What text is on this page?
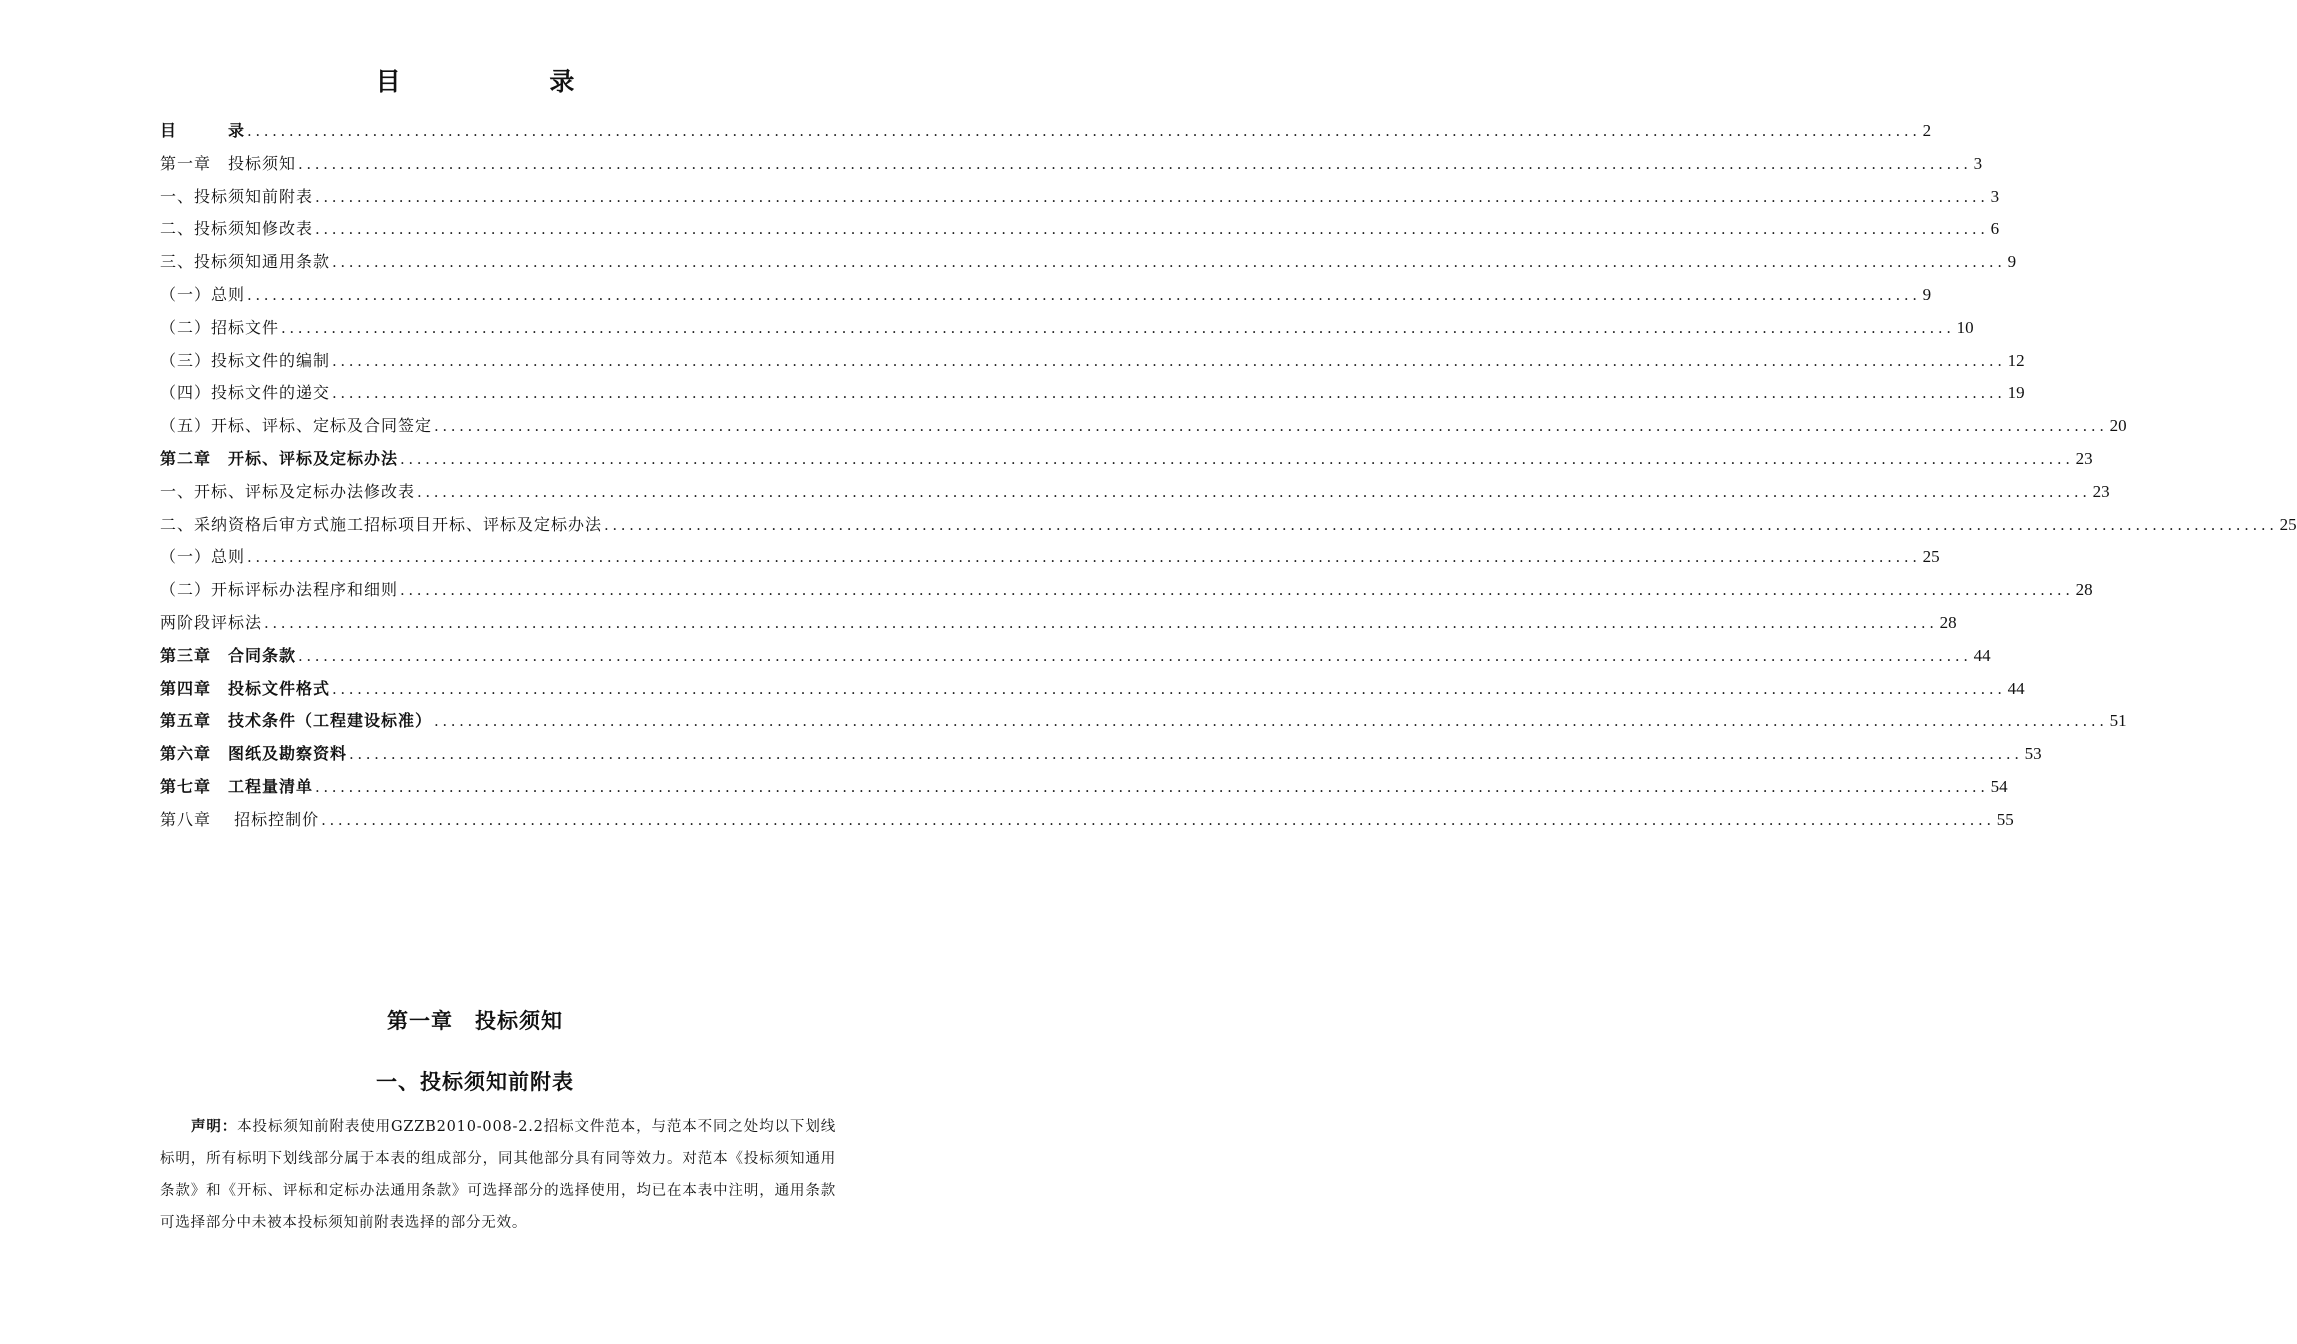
目 录
目　　　录 ........................................................................................................................................................................................................ 2
第一章　投标须知 ........................................................................................................................................................................................................ 3
一、投标须知前附表 ........................................................................................................................................................................................................ 3
二、投标须知修改表 ........................................................................................................................................................................................................ 6
三、投标须知通用条款 ........................................................................................................................................................................................................ 9
（一）总则 ........................................................................................................................................................................................................ 9
（二）招标文件 ........................................................................................................................................................................................................ 10
（三）投标文件的编制 ........................................................................................................................................................................................................ 12
（四）投标文件的递交 ........................................................................................................................................................................................................ 19
（五）开标、评标、定标及合同签定 ........................................................................................................................................................................................................ 20
第二章　开标、评标及定标办法 ........................................................................................................................................................................................................ 23
一、开标、评标及定标办法修改表 ........................................................................................................................................................................................................ 23
二、采纳资格后审方式施工招标项目开标、评标及定标办法 ........................................................................................................................................................................................................ 25
（一）总则 ........................................................................................................................................................................................................ 25
（二）开标评标办法程序和细则 ........................................................................................................................................................................................................ 28
两阶段评标法 ........................................................................................................................................................................................................ 28
第三章　合同条款 ........................................................................................................................................................................................................ 44
第四章　投标文件格式 ........................................................................................................................................................................................................ 44
第五章　技术条件（工程建设标准） ........................................................................................................................................................................................................ 51
第六章　图纸及勘察资料 ........................................................................................................................................................................................................ 53
第七章　工程量清单 ........................................................................................................................................................................................................ 54
第八章　 招标控制价 ........................................................................................................................................................................................................ 55
第一章　投标须知
一、投标须知前附表

声明：本投标须知前附表使用GZZB2010-008-2.2招标文件范本，与范本不同之处均以下划线标明，所有标明下划线部分属于本表的组成部分，同其他部分具有同等效力。对范本《投标须知通用条款》和《开标、评标和定标办法通用条款》可选择部分的选择使用，均已在本表中注明，通用条款可选择部分中未被本投标须知前附表选择的部分无效。
